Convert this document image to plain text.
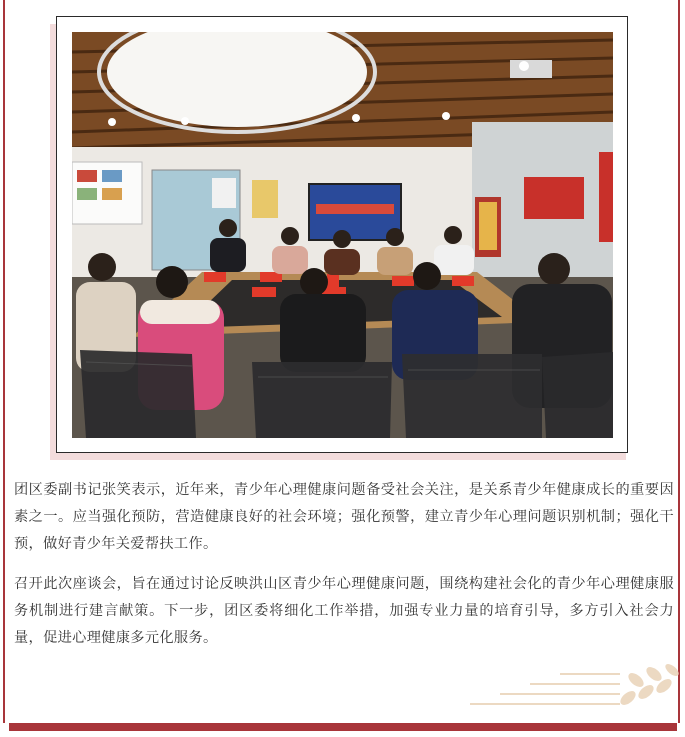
团区委副书记张笑表示，近年来，青少年心理健康问题备受社会关注，是关系青少年健康成长的重要因素之一。应当强化预防，营造健康良好的社会环境；强化预警，建立青少年心理问题识别机制；强化干预，做好青少年关爱帮扶工作。
召开此次座谈会，旨在通过讨论反映洪山区青少年心理健康问题，围绕构建社会化的青少年心理健康服务机制进行建言献策。下一步，团区委将细化工作举措，加强专业力量的培育引导，多方引入社会力量，促进心理健康多元化服务。
